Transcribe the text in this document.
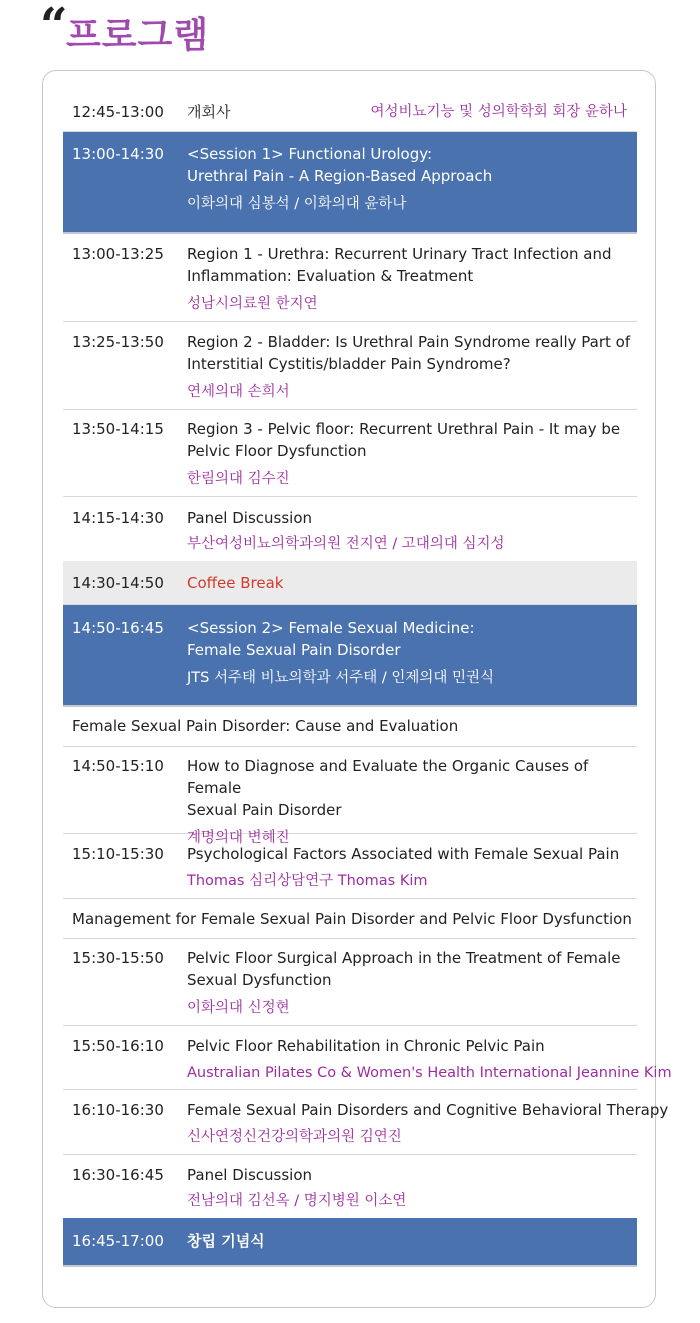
“
프로그램
12:45-13:00 개회사	여성비뇨기능 및 성의학학회 회장 윤하나
13:00-14:30 <Session 1> Functional Urology:
Urethral Pain - A Region-Based Approach
이화의대 심봉석 / 이화의대 윤하나
13:00-13:25 Region 1 - Urethra: Recurrent Urinary Tract Infection and
Inflammation: Evaluation & Treatment
성남시의료원 한지연
13:25-13:50 Region 2 - Bladder: Is Urethral Pain Syndrome really Part of
Interstitial Cystitis/bladder Pain Syndrome?
연세의대 손희서
13:50-14:15 Region 3 - Pelvic floor: Recurrent Urethral Pain - It may be
Pelvic Floor Dysfunction
한림의대 김수진
14:15-14:30 Panel Discussion
부산여성비뇨의학과의원 전지연 / 고대의대 심지성
14:30-14:50 Coffee Break
14:50-16:45 <Session 2> Female Sexual Medicine:
Female Sexual Pain Disorder
JTS 서주태 비뇨의학과 서주태 / 인제의대 민권식
Female Sexual Pain Disorder: Cause and Evaluation
14:50-15:10 How to Diagnose and Evaluate the Organic Causes of Female
Sexual Pain Disorder
계명의대 변혜진
15:10-15:30 Psychological Factors Associated with Female Sexual Pain
Thomas 심리상담연구 Thomas Kim
Management for Female Sexual Pain Disorder and Pelvic Floor Dysfunction
15:30-15:50 Pelvic Floor Surgical Approach in the Treatment of Female
Sexual Dysfunction
이화의대 신정현
15:50-16:10 Pelvic Floor Rehabilitation in Chronic Pelvic Pain
Australian Pilates Co & Women's Health International Jeannine Kim
16:10-16:30 Female Sexual Pain Disorders and Cognitive Behavioral Therapy
신사연정신건강의학과의원 김연진
16:30-16:45 Panel Discussion
전남의대 김선옥 / 명지병원 이소연
16:45-17:00 창립 기념식
